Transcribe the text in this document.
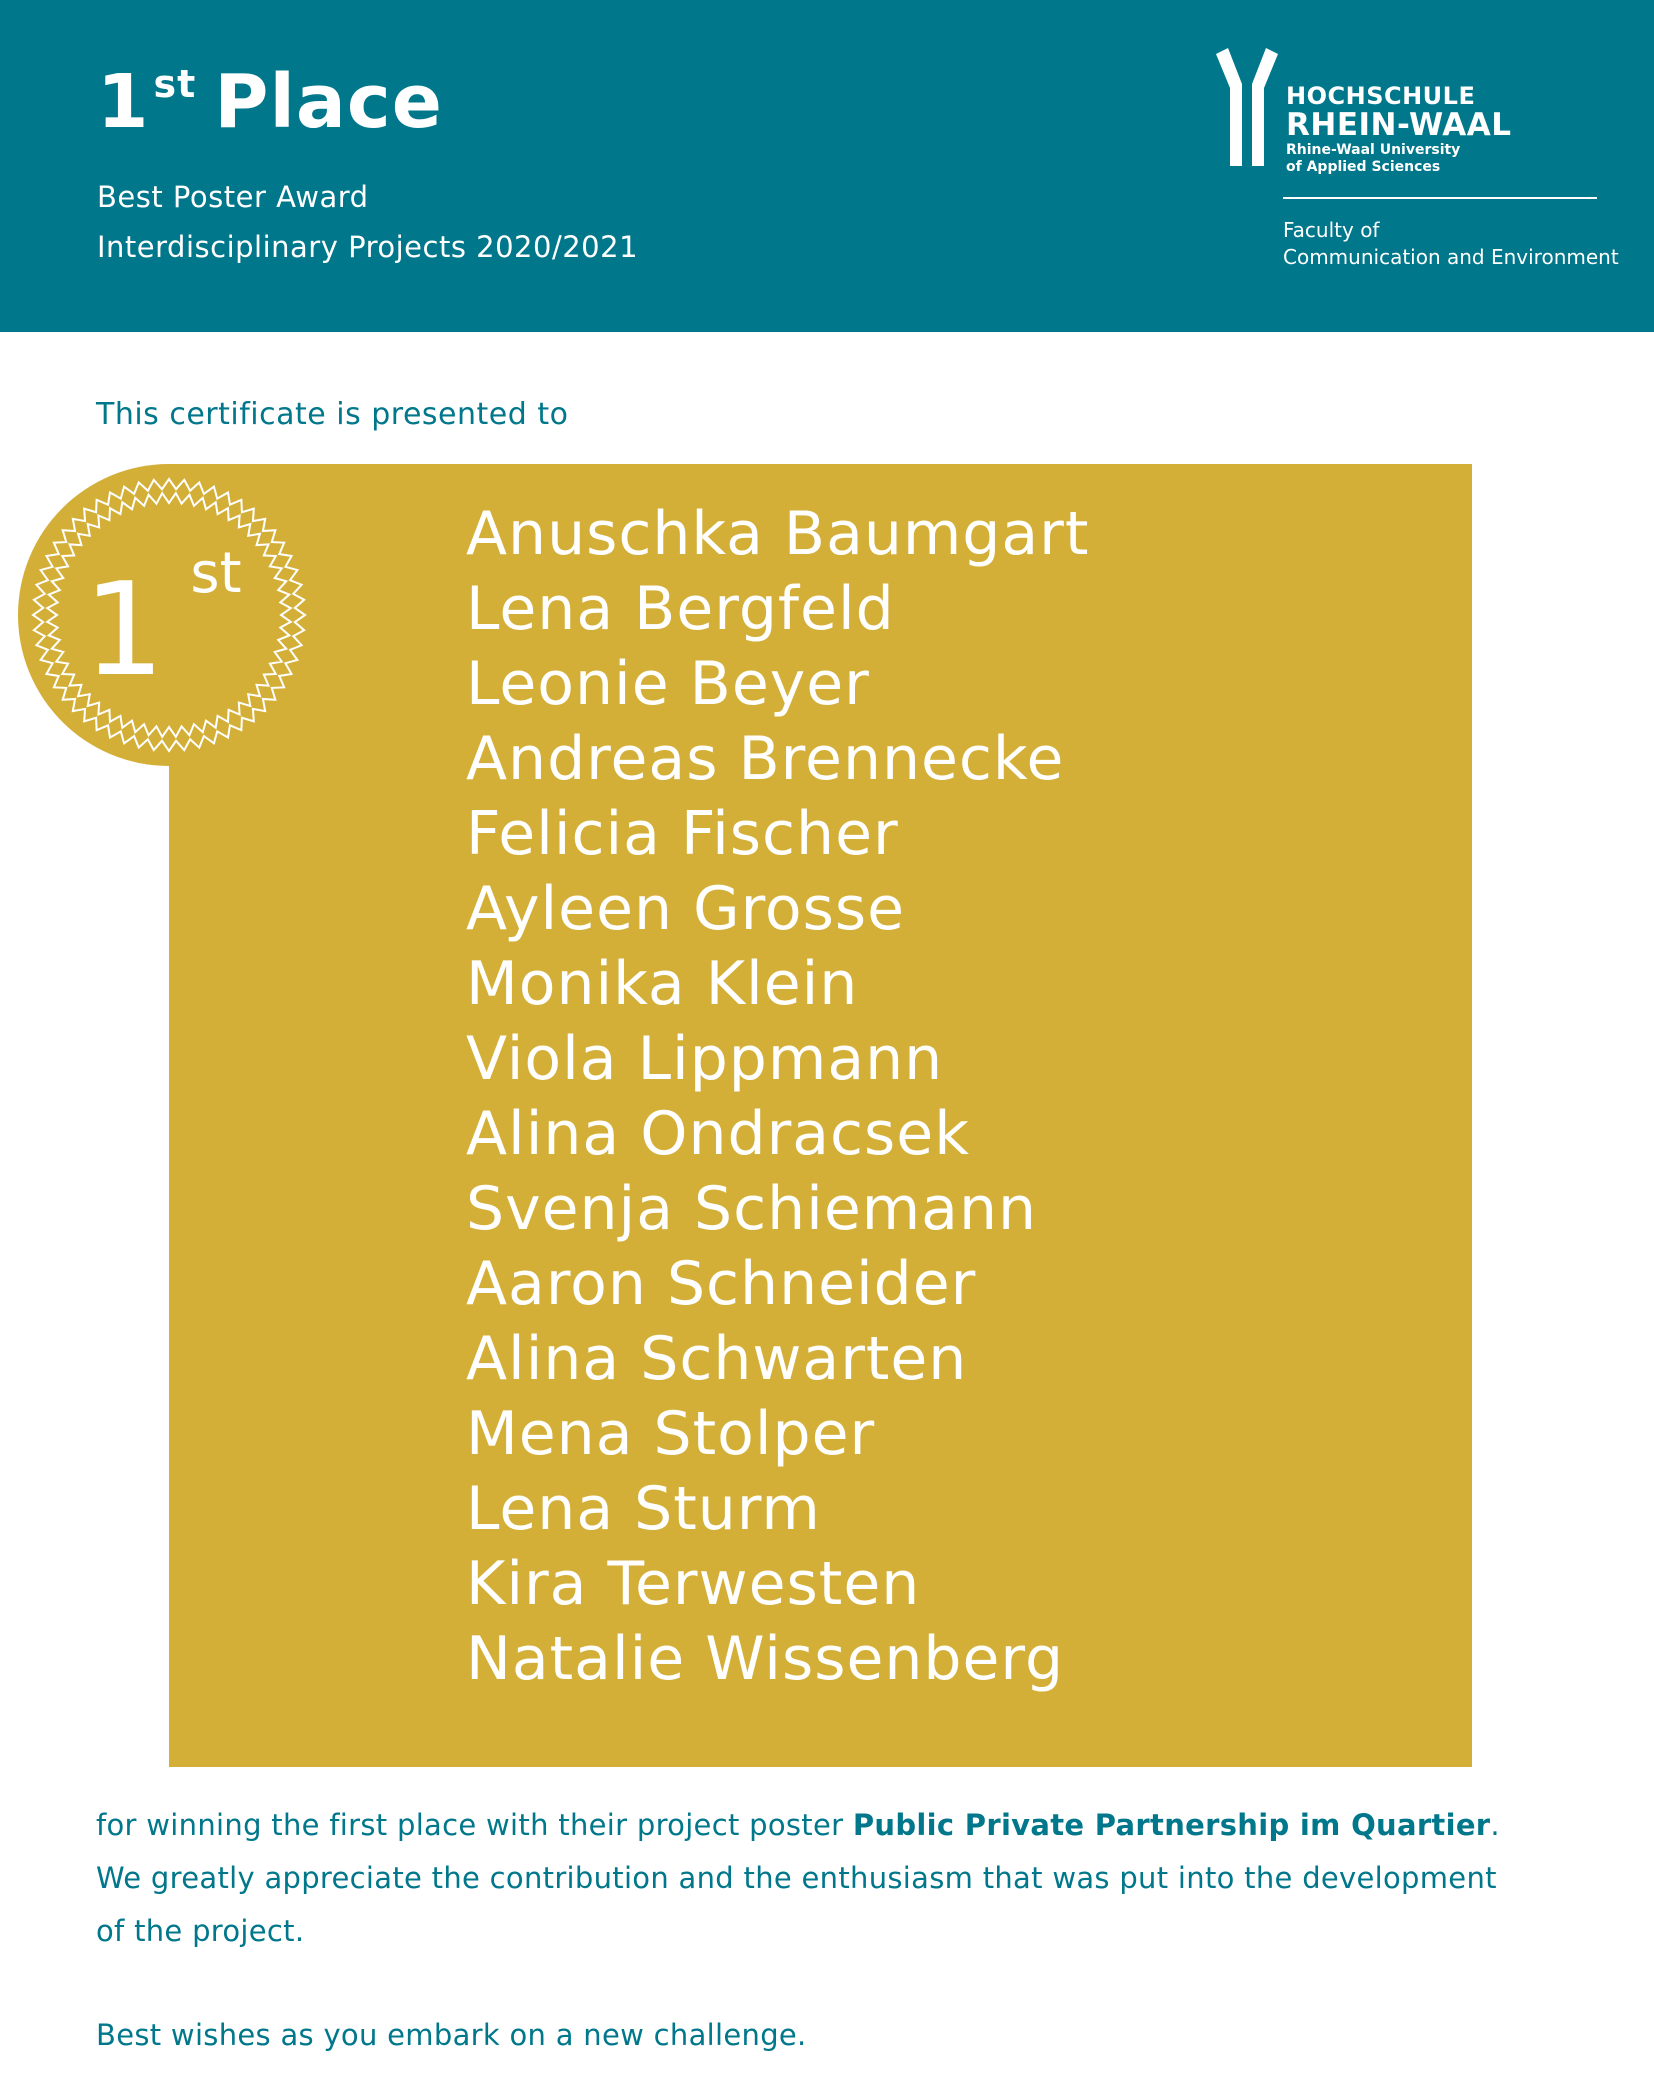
1 $^{st}$ Place
Best Poster Award
Interdisciplinary Projects 2020/2021
HOCHSCHULE
RHEIN-WAAL
Rhine-Waal University
of Applied Sciences
Faculty of
Communication and Environment
This certificate is presented to
1 st
Anuschka Baumgart
Lena Bergfeld
Leonie Beyer
Andreas Brennecke
Felicia Fischer
Ayleen Grosse
Monika Klein
Viola Lippmann
Alina Ondracsek
Svenja Schiemann
Aaron Schneider
Alina Schwarten
Mena Stolper
Lena Sturm
Kira Terwesten
Natalie Wissenberg

for winning the first place with their project poster Public Private Partnership im Quartier.

We greatly appreciate the contribution and the enthusiasm that was put into the development

of the project.

Best wishes as you embark on a new challenge.
